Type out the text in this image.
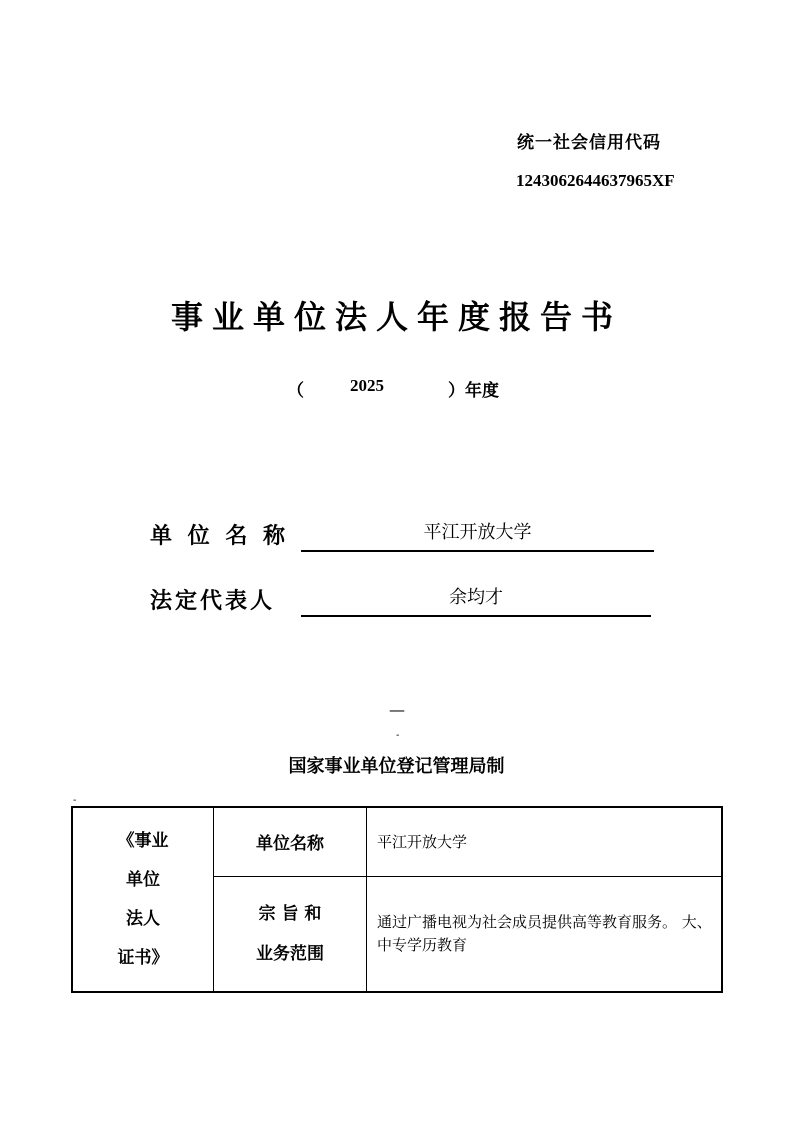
统一社会信用代码
1243062644637965XF
事业单位法人年度报告书
（	2025	）年度
单 位 名 称	平江开放大学
法定代表人	余均才
—
-
国家事业单位登记管理局制
-
《事业
单位
法人
证书》	单位名称	平江开放大学

	宗 旨 和
业务范围	通过广播电视为社会成员提供高等教育服务。 大、中专学历教育
